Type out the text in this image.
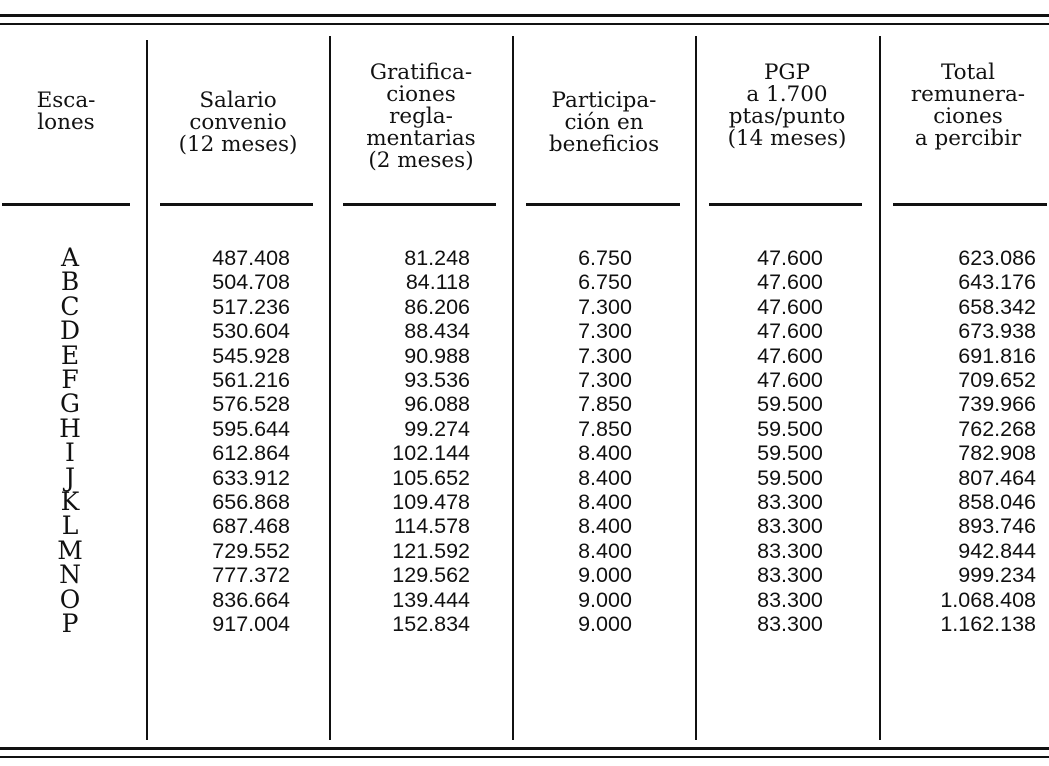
Esca-
lones
Salario
convenio
(12 meses)
Gratifica-
ciones
regla-
mentarias
(2 meses)
Participa-
ción en
beneficios
PGP
a 1.700
ptas/punto
(14 meses)
Total
remunera-
ciones
a percibir
A
B
C
D
E
F
G
H
I
J
K
L
M
N
O
P
487.408
504.708
517.236
530.604
545.928
561.216
576.528
595.644
612.864
633.912
656.868
687.468
729.552
777.372
836.664
917.004
81.248
84.118
86.206
88.434
90.988
93.536
96.088
99.274
102.144
105.652
109.478
114.578
121.592
129.562
139.444
152.834
6.750
6.750
7.300
7.300
7.300
7.300
7.850
7.850
8.400
8.400
8.400
8.400
8.400
9.000
9.000
9.000
47.600
47.600
47.600
47.600
47.600
47.600
59.500
59.500
59.500
59.500
83.300
83.300
83.300
83.300
83.300
83.300
623.086
643.176
658.342
673.938
691.816
709.652
739.966
762.268
782.908
807.464
858.046
893.746
942.844
999.234
1.068.408
1.162.138
